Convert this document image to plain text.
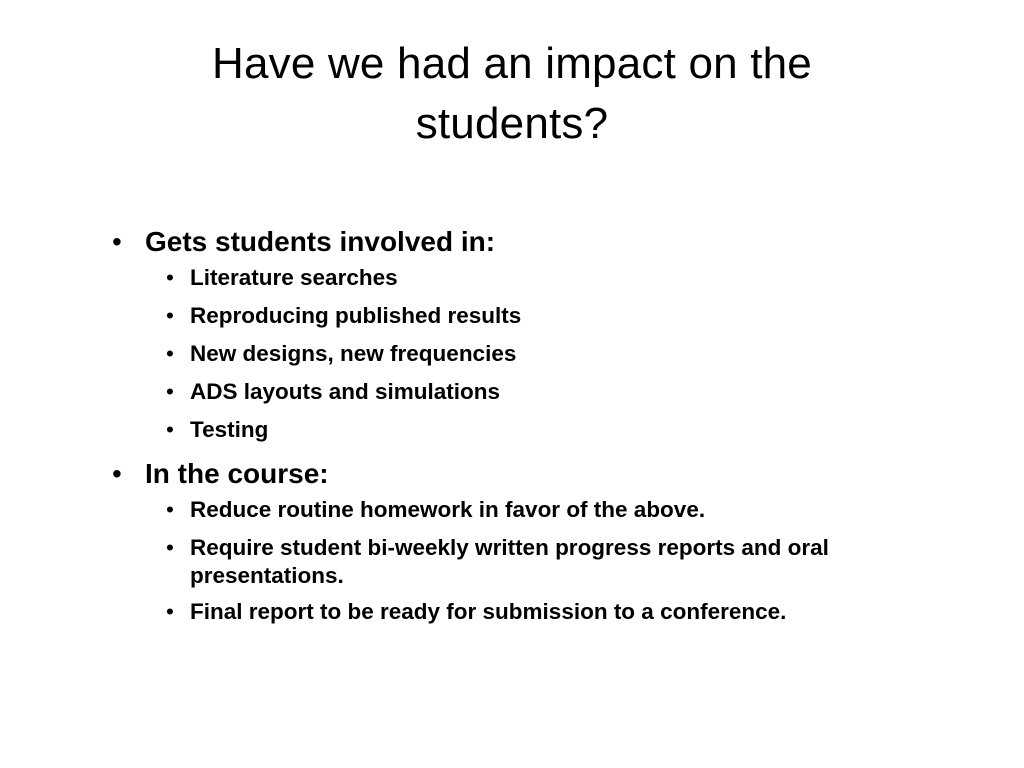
Have we had an impact on the
students?
• Gets students involved in:
• Literature searches
• Reproducing published results
• New designs, new frequencies
• ADS layouts and simulations
• Testing
• In the course:
• Reduce routine homework in favor of the above.
• Require student bi-weekly written progress reports and oral presentations.
• Final report to be ready for submission to a conference.
